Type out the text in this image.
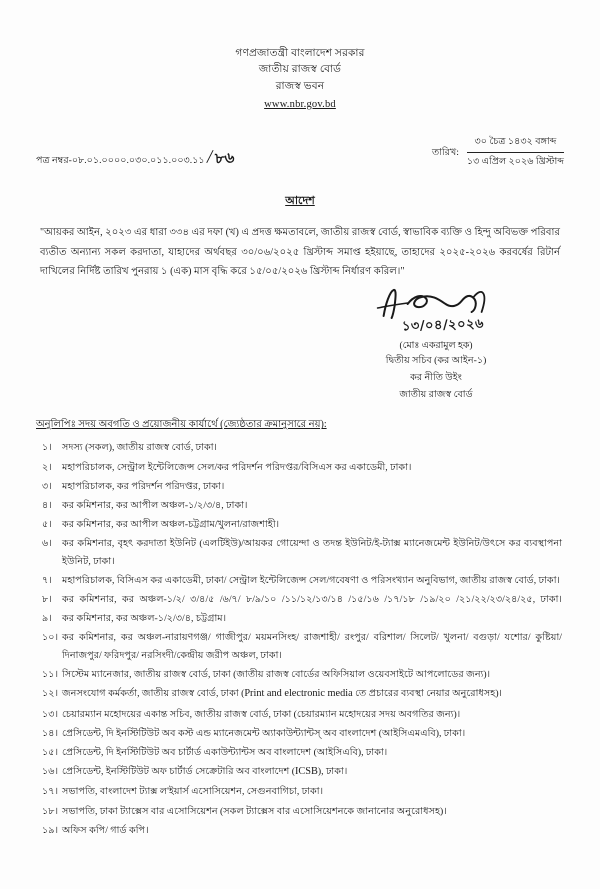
গণপ্রজাতন্ত্রী বাংলাদেশ সরকার
জাতীয় রাজস্ব বোর্ড
রাজস্ব ভবন
www.nbr.gov.bd
পত্র নম্বর- ০৮.০১.০০০০.০৩০.০১১.০০৩.১১ / ৮৬	তারিখ:
৩০ চৈত্র ১৪৩২ বঙ্গাব্দ
১৩ এপ্রিল ২০২৬ খ্রিস্টাব্দ
আদেশ
"আয়কর আইন, ২০২৩ এর ধারা ৩৩৪ এর দফা (খ) এ প্রদত্ত ক্ষমতাবলে, জাতীয় রাজস্ব বোর্ড, স্বাভাবিক ব্যক্তি ও হিন্দু অবিভক্ত পরিবার ব্যতীত অন্যান্য সকল করদাতা, যাহাদের অর্থবছর ৩০/০৬/২০২৫ খ্রিস্টাব্দ সমাপ্ত হইয়াছে, তাহাদের ২০২৫-২০২৬ করবর্ষের রিটার্ন দাখিলের নির্দিষ্ট তারিখ পুনরায় ১ (এক) মাস বৃদ্ধি করে ১৫/০৫/২০২৬ খ্রিস্টাব্দ নির্ধারণ করিল।"
১৩/০৪/২০২৬
(মোঃ একরামুল হক)
দ্বিতীয় সচিব (কর আইন-১)
কর নীতি উইং
জাতীয় রাজস্ব বোর্ড
অনুলিপিঃ সদয় অবগতি ও প্রয়োজনীয় কার্যার্থে (জ্যেষ্ঠতার ক্রমানুসারে নয়):
১।	সদস্য (সকল), জাতীয় রাজস্ব বোর্ড, ঢাকা।
২।	মহাপরিচালক, সেন্ট্রাল ইন্টেলিজেন্স সেল/কর পরিদর্শন পরিদপ্তর/বিসিএস কর একাডেমী, ঢাকা।
৩।	মহাপরিচালক, কর পরিদর্শন পরিদপ্তর, ঢাকা।
৪।	কর কমিশনার, কর আপীল অঞ্চল-১/২/৩/৪, ঢাকা।
৫।	কর কমিশনার, কর আপীল অঞ্চল-চট্টগ্রাম/খুলনা/রাজশাহী।
৬।	কর কমিশনার, বৃহৎ করদাতা ইউনিট (এলটিইউ)/আয়কর গোয়েন্দা ও তদন্ত ইউনিট/ই-ট্যাক্স ম্যানেজমেন্ট ইউনিট/উৎসে কর ব্যবস্থাপনা ইউনিট, ঢাকা।
৭।	মহাপরিচালক, বিসিএস কর একাডেমী, ঢাকা/ সেন্ট্রাল ইন্টেলিজেন্স সেল/গবেষণা ও পরিসংখ্যান অনুবিভাগ, জাতীয় রাজস্ব বোর্ড, ঢাকা।
৮।	কর কমিশনার, কর অঞ্চল-১/২/ ৩/৪/৫ /৬/৭/ ৮/৯/১০ /১১/১২/১৩/১৪ /১৫/১৬ /১৭/১৮ /১৯/২০ /২১/২২/২৩/২৪/২৫, ঢাকা।
৯।	কর কমিশনার, কর অঞ্চল-১/২/৩/৪, চট্টগ্রাম।
১০। কর কমিশনার, কর অঞ্চল-নারায়ণগঞ্জ/ গাজীপুর/ ময়মনসিংহ/ রাজশাহী/ রংপুর/ বরিশাল/ সিলেট/ খুলনা/ বগুড়া/ যশোর/ কুষ্টিয়া/ দিনাজপুর/ ফরিদপুর/ নরসিংদী/কেন্দ্রীয় জরীপ অঞ্চল, ঢাকা।
১১। সিস্টেম ম্যানেজার, জাতীয় রাজস্ব বোর্ড, ঢাকা (জাতীয় রাজস্ব বোর্ডের অফিসিয়াল ওয়েবসাইটে আপলোডের জন্য)।
১২। জনসংযোগ কর্মকর্তা, জাতীয় রাজস্ব বোর্ড, ঢাকা (Print and electronic media তে প্রচারের ব্যবস্থা নেয়ার অনুরোধসহ)।
১৩। চেয়ারম্যান মহোদয়ের একান্ত সচিব, জাতীয় রাজস্ব বোর্ড, ঢাকা (চেয়ারম্যান মহোদয়ের সদয় অবগতির জন্য)।
১৪। প্রেসিডেন্ট, দি ইনস্টিটিউট অব কস্ট এন্ড ম্যানেজমেন্ট অ্যাকাউন্ট্যান্টস্ অব বাংলাদেশ (আইসিএমএবি), ঢাকা।
১৫। প্রেসিডেন্ট, দি ইনস্টিটিউট অব চার্টার্ড একাউন্ট্যান্টস অব বাংলাদেশ (আইসিএবি), ঢাকা।
১৬। প্রেসিডেন্ট, ইনস্টিটিউট অফ চার্টার্ড সেক্রেটারি অব বাংলাদেশ (ICSB), ঢাকা।
১৭। সভাপতি, বাংলাদেশ ট্যাক্স ল'ইয়ার্স এসোসিয়েশন, সেগুনবাগিচা, ঢাকা।
১৮। সভাপতি, ঢাকা ট্যাক্সেস বার এসোসিয়েশন (সকল ট্যাক্সেস বার এসোসিয়েশনকে জানানোর অনুরোধসহ)।
১৯। অফিস কপি/ গার্ড কপি।
